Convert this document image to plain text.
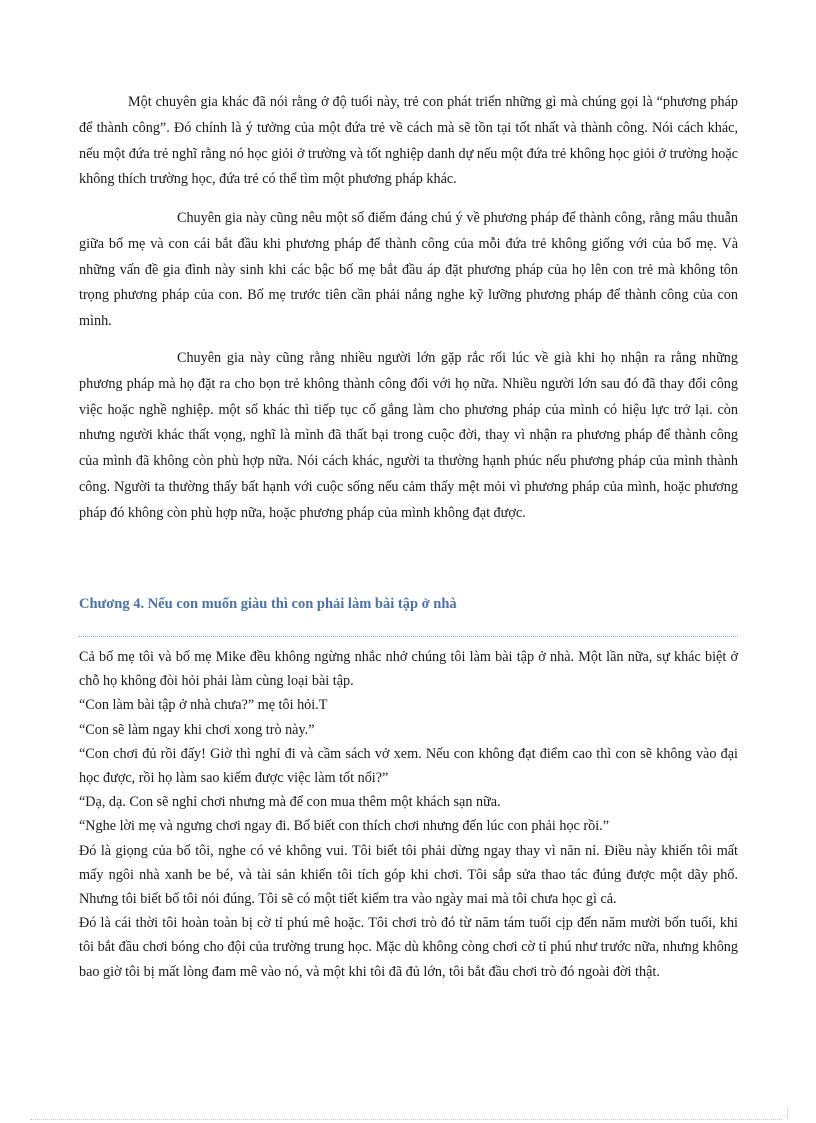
Một chuyên gia khác đã nói rằng ở độ tuổi này, trẻ con phát triển những gì mà chúng gọi là “phương pháp để thành công”. Đó chính là ý tưởng của một đứa trẻ về cách mà sẽ tồn tại tốt nhất và thành công. Nói cách khác, nếu một đứa trẻ nghĩ rằng nó học giỏi ở trường và tốt nghiệp danh dự nếu một đứa trẻ không học giỏi ở trường hoặc không thích trường học, đứa trẻ có thể tìm một phương pháp khác.

Chuyên gia này cũng nêu một số điểm đáng chú ý về phương pháp để thành công, rằng mâu thuẫn giữa bố mẹ và con cái bắt đầu khi phương pháp để thành công của mỗi đứa trẻ không giống với của bố mẹ. Và những vấn đề gia đình này sinh khi các bậc bố mẹ bắt đầu áp đặt phương pháp của họ lên con trẻ mà không tôn trọng phương pháp của con. Bố mẹ trước tiên cần phải nắng nghe kỹ lưỡng phương pháp để thành công của con mình.

Chuyên gia này cũng rằng nhiều người lớn gặp rắc rối lúc về già khi họ nhận ra rằng những phương pháp mà họ đặt ra cho bọn trẻ không thành công đối với họ nữa. Nhiều người lớn sau đó đã thay đổi công việc hoặc nghề nghiệp. một số khác thì tiếp tục cố gắng làm cho phương pháp của mình có hiệu lực trở lại. còn nhưng người khác thất vọng, nghĩ là mình đã thất bại trong cuộc đời, thay vì nhận ra phương pháp để thành công của mình đã không còn phù hợp nữa. Nói cách khác, người ta thường hạnh phúc nếu phương pháp của mình thành công. Người ta thường thấy bất hạnh với cuộc sống nếu cảm thấy mệt mỏi vì phương pháp của mình, hoặc phương pháp đó không còn phù hợp nữa, hoặc phương pháp của mình không đạt được.

Chương 4. Nếu con muốn giàu thì con phải làm bài tập ở nhà

Cả bố mẹ tôi và bố mẹ Mike đều không ngừng nhắc nhở chúng tôi làm bài tập ở nhà. Một lần nữa, sự khác biệt ở chỗ họ không đòi hỏi phải làm cùng loại bài tập.

“Con làm bài tập ở nhà chưa?” mẹ tôi hỏi.T

“Con sẽ làm ngay khi chơi xong trò này.”

“Con chơi đủ rồi đấy! Giờ thì nghỉ đi và cầm sách vở xem. Nếu con không đạt điểm cao thì con sẽ không vào đại học được, rồi họ làm sao kiếm được việc làm tốt nổi?”

“Dạ, dạ. Con sẽ nghỉ chơi nhưng mà để con mua thêm một khách sạn nữa.

“Nghe lời mẹ và ngưng chơi ngay đi. Bố biết con thích chơi nhưng đến lúc con phải học rồi.”

Đó là giọng của bố tôi, nghe có vẻ không vui. Tôi biết tôi phải dừng ngay thay vì năn nỉ. Điều này khiến tôi mất mấy ngôi nhà xanh be bé, và tài sản khiến tôi tích góp khi chơi. Tôi sắp sửa thao tác đúng được một dãy phố. Nhưng tôi biết bố tôi nói đúng. Tôi sẽ có một tiết kiểm tra vào ngày mai mà tôi chưa học gì cả.

Đó là cái thời tôi hoàn toàn bị cờ tỉ phú mê hoặc. Tôi chơi trò đó từ năm tám tuổi cịp đến năm mười bốn tuổi, khi tôi bắt đầu chơi bóng cho đội của trường trung học. Mặc dù không còng chơi cờ tỉ phú như trước nữa, nhưng không bao giờ tôi bị mất lòng đam mê vào nó, và một khi tôi đã đủ lớn, tôi bắt đầu chơi trò đó ngoài đời thật.
